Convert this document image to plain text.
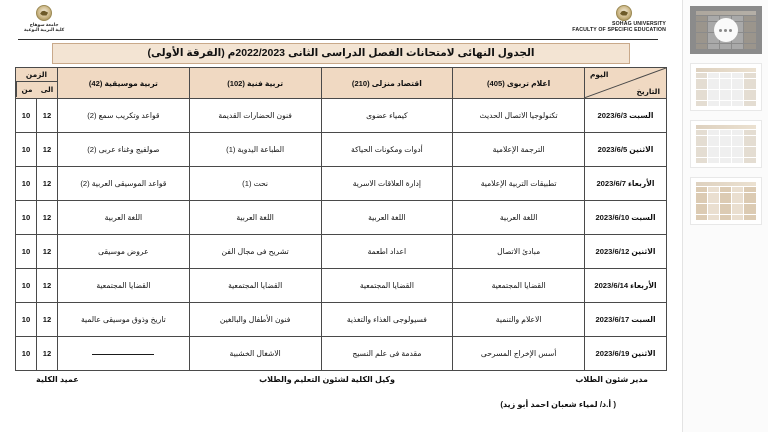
SOHAG UNIVERSITY
FACULTY OF SPECIFIC EDUCATION
جامعة سوهاج
كلية التربية النوعية
الجدول النهائى لامتحانات الفصل الدراسى الثانى 2022/2023م (الفرقة الأولى)
اليوم
التاريخ
	اعلام تربوى (405)	اقتصاد منزلى (210)	تربية فنية (102)	تربية موسيقية (42)	
الزمن
الى
من

السبت2023/6/3	تكنولوجيا الاتصال الحديث	كيمياء عضوى	فنون الحضارات القديمة	قواعد وتكريب سمع (2)	12	10
الاثنين2023/6/5	الترجمة الإعلامية	أدوات ومكونات الحياكة	الطباعة اليدوية (1)	صولفيج وغناء عربى (2)	12	10
الأربعاء2023/6/7	تطبيقات التربية الإعلامية	إدارة العلاقات الاسرية	نحت (1)	قواعد الموسيقى العربية (2)	12	10
السبت2023/6/10	اللغة العربية	اللغة العربية	اللغة العربية	اللغة العربية	12	10
الاثنين2023/6/12	مبادئ الاتصال	اعداد اطعمة	تشريح فى مجال الفن	عروض موسيقى	12	10
الأربعاء2023/6/14	القضايا المجتمعية	القضايا المجتمعية	القضايا المجتمعية	القضايا المجتمعية	12	10
السبت2023/6/17	الاعلام والتنمية	فسيولوجى الغذاء والتغذية	فنون الأطفال والبالغين	تاريخ وذوق موسيقى عالمية	12	10
الاثنين2023/6/19	أسس الإخراج المسرحى	مقدمة فى علم النسيج	الاشغال الخشبية		12	10
مدير شئون الطلاب
وكيل الكلية لشئون التعليم والطلاب
عميد الكلية
( أ.د/ لمياء شعبان احمد أبو زيد)
